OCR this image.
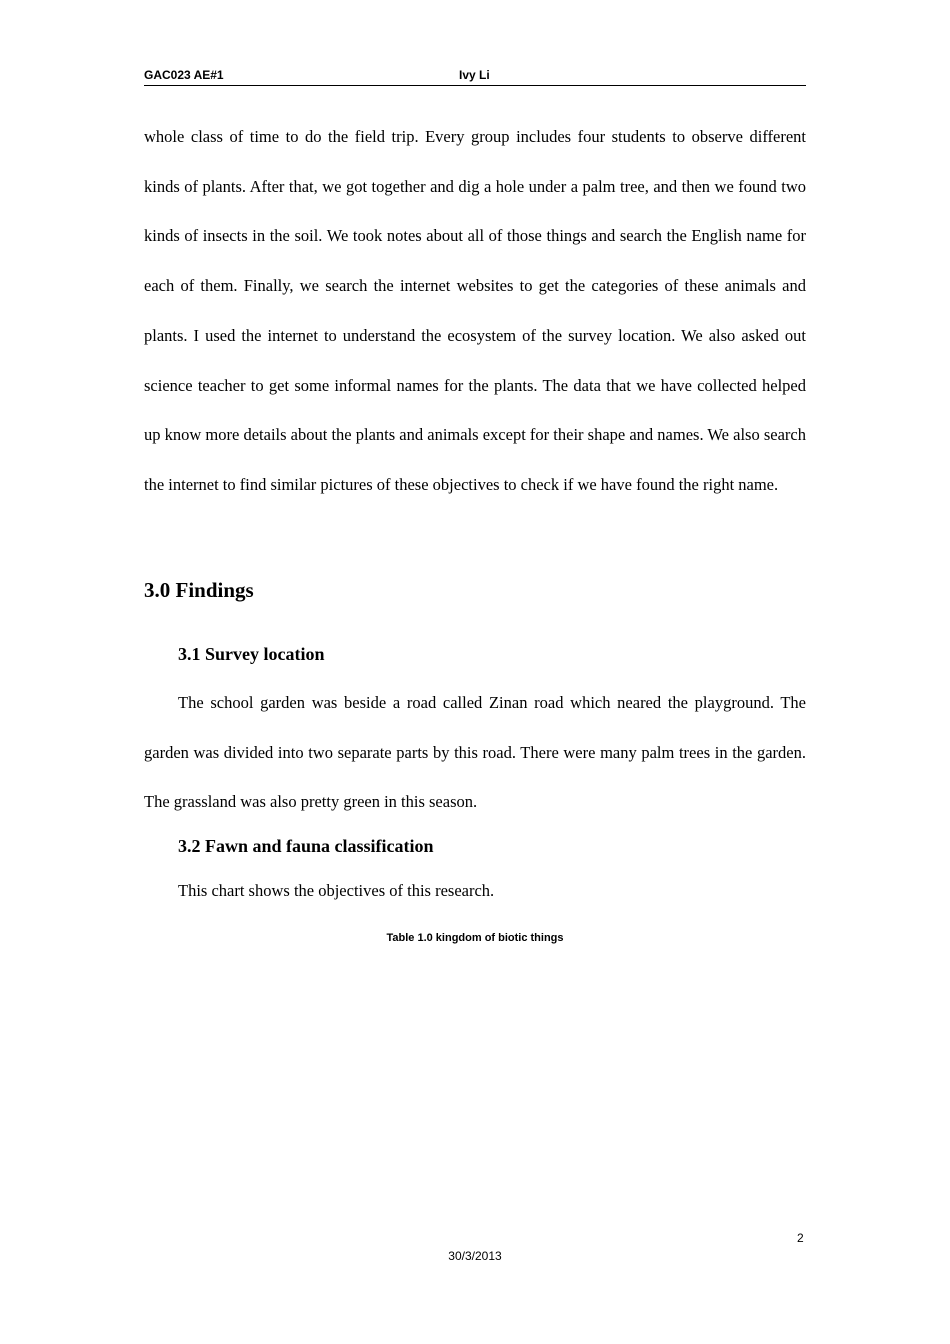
GAC023 AE#1	Ivy Li

whole class of time to do the field trip. Every group includes four students to observe different kinds of plants. After that, we got together and dig a hole under a palm tree, and then we found two kinds of insects in the soil. We took notes about all of those things and search the English name for each of them. Finally, we search the internet websites to get the categories of these animals and plants. I used the internet to understand the ecosystem of the survey location. We also asked out science teacher to get some informal names for the plants. The data that we have collected helped up know more details about the plants and animals except for their shape and names. We also search the internet to find similar pictures of these objectives to check if we have found the right name.

3.0 Findings
3.1 Survey location

The school garden was beside a road called Zinan road which neared the playground. The garden was divided into two separate parts by this road. There were many palm trees in the garden. The grassland was also pretty green in this season.

3.2 Fawn and fauna classification

This chart shows the objectives of this research.

Table 1.0 kingdom of biotic things
2
30/3/2013
